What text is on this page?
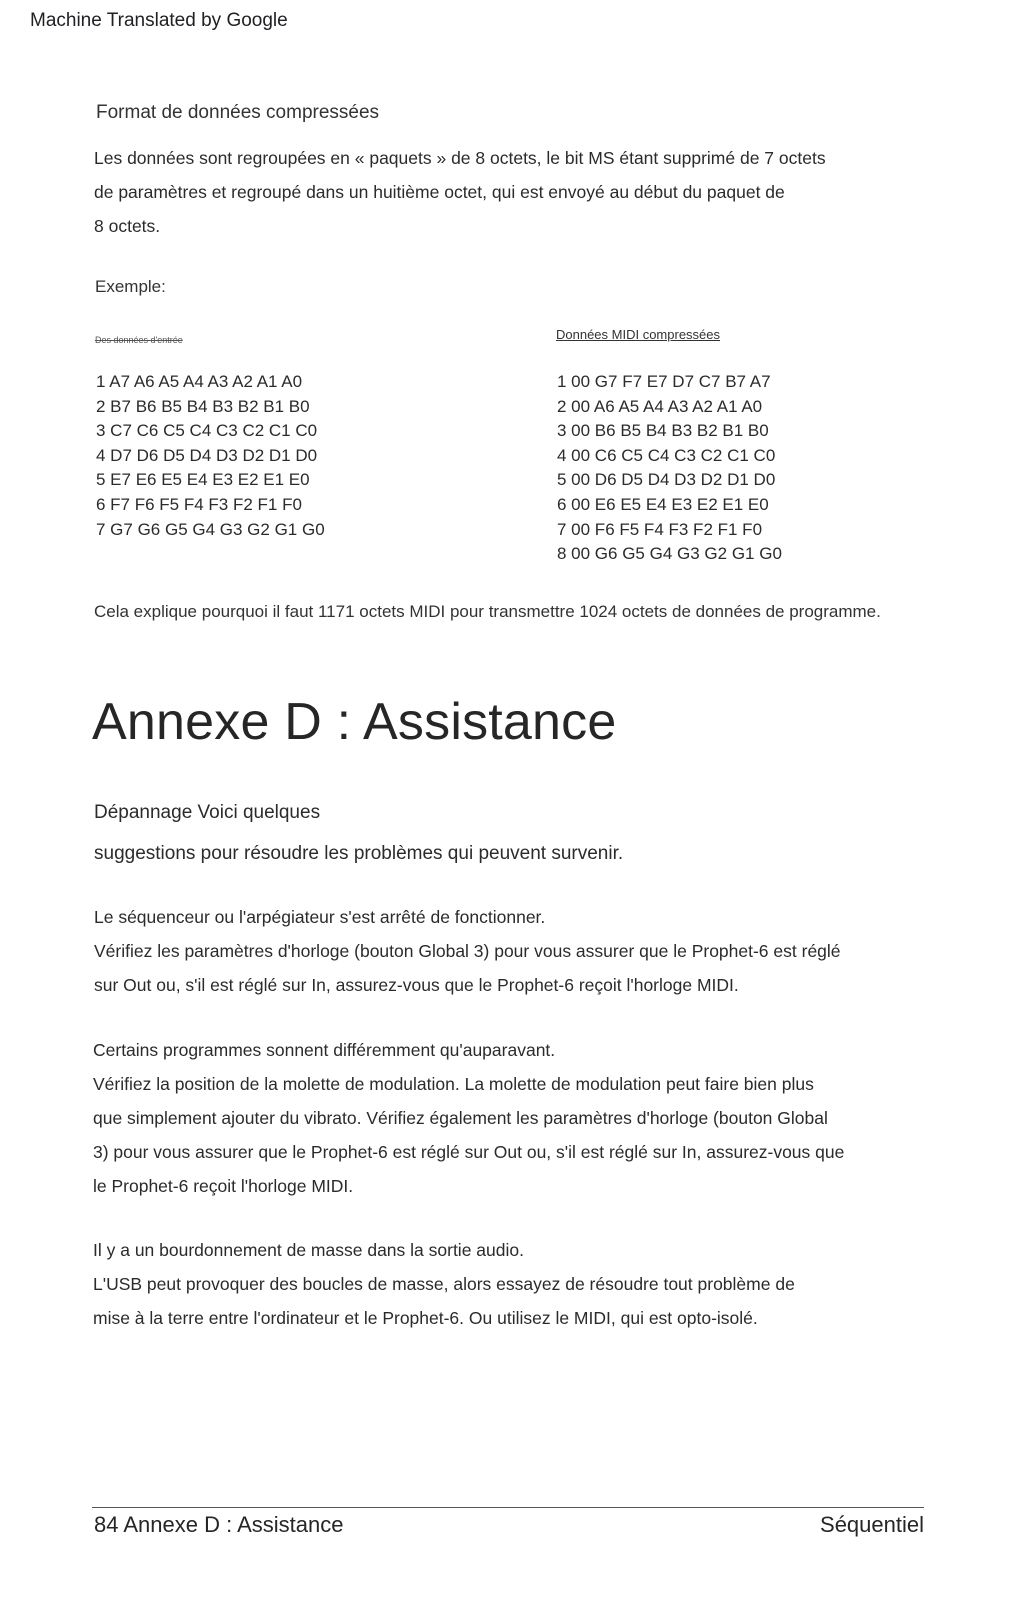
Machine Translated by Google
Format de données compressées
Les données sont regroupées en « paquets » de 8 octets, le bit MS étant supprimé de 7 octets
de paramètres et regroupé dans un huitième octet, qui est envoyé au début du paquet de
8 octets.
Exemple:
Des données d'entrée	Données MIDI compressées
1 A7 A6 A5 A4 A3 A2 A1 A0
2 B7 B6 B5 B4 B3 B2 B1 B0
3 C7 C6 C5 C4 C3 C2 C1 C0
4 D7 D6 D5 D4 D3 D2 D1 D0
5 E7 E6 E5 E4 E3 E2 E1 E0
6 F7 F6 F5 F4 F3 F2 F1 F0
7 G7 G6 G5 G4 G3 G2 G1 G0
1 00 G7 F7 E7 D7 C7 B7 A7
2 00 A6 A5 A4 A3 A2 A1 A0
3 00 B6 B5 B4 B3 B2 B1 B0
4 00 C6 C5 C4 C3 C2 C1 C0
5 00 D6 D5 D4 D3 D2 D1 D0
6 00 E6 E5 E4 E3 E2 E1 E0
7 00 F6 F5 F4 F3 F2 F1 F0
8 00 G6 G5 G4 G3 G2 G1 G0
Cela explique pourquoi il faut 1171 octets MIDI pour transmettre 1024 octets de données de programme.
Annexe D : Assistance
Dépannage Voici quelques
suggestions pour résoudre les problèmes qui peuvent survenir.
Le séquenceur ou l'arpégiateur s'est arrêté de fonctionner.
Vérifiez les paramètres d'horloge (bouton Global 3) pour vous assurer que le Prophet-6 est réglé
sur Out ou, s'il est réglé sur In, assurez-vous que le Prophet-6 reçoit l'horloge MIDI.
Certains programmes sonnent différemment qu'auparavant.
Vérifiez la position de la molette de modulation. La molette de modulation peut faire bien plus
que simplement ajouter du vibrato. Vérifiez également les paramètres d'horloge (bouton Global
3) pour vous assurer que le Prophet-6 est réglé sur Out ou, s'il est réglé sur In, assurez-vous que
le Prophet-6 reçoit l'horloge MIDI.
Il y a un bourdonnement de masse dans la sortie audio.
L'USB peut provoquer des boucles de masse, alors essayez de résoudre tout problème de
mise à la terre entre l'ordinateur et le Prophet-6. Ou utilisez le MIDI, qui est opto-isolé.
84 Annexe D : Assistance	Séquentiel
